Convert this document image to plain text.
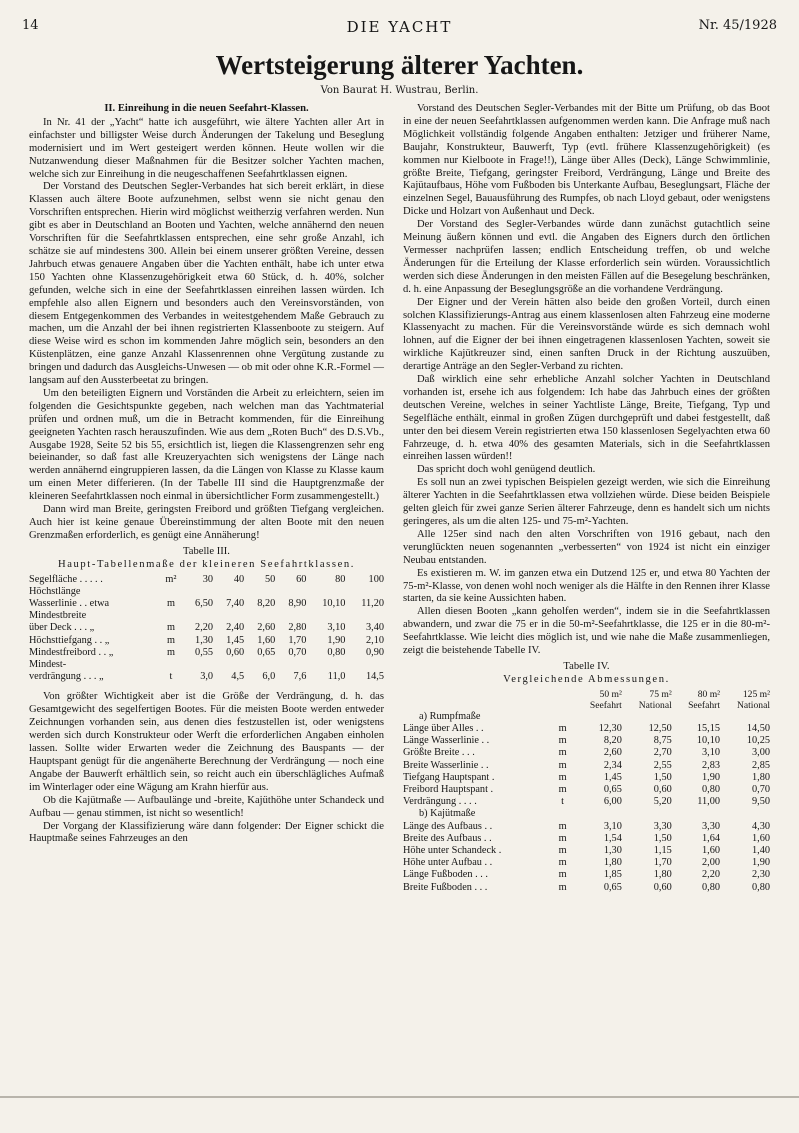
14	DIE YACHT	Nr. 45/1928
Wertsteigerung älterer Yachten.
Von Baurat H. Wustrau, Berlin.
II. Einreihung in die neuen Seefahrt-Klassen.

In Nr. 41 der „Yacht“ hatte ich ausgeführt, wie ältere Yachten aller Art in einfachster und billigster Weise durch Änderungen der Takelung und Beseglung modernisiert und im Wert gesteigert werden können. Heute wollen wir die Nutzanwendung dieser Maßnahmen für die Besitzer solcher Yachten machen, welche sich zur Einreihung in die neugeschaffenen Seefahrtklassen eignen.

Der Vorstand des Deutschen Segler-Verbandes hat sich bereit erklärt, in diese Klassen auch ältere Boote aufzunehmen, selbst wenn sie nicht genau den Vorschriften entsprechen. Hierin wird möglichst weitherzig verfahren werden. Nun gibt es aber in Deutschland an Booten und Yachten, welche annähernd den neuen Vorschriften für die Seefahrtklassen entsprechen, eine sehr große Anzahl, ich schätze sie auf mindestens 300. Allein bei einem unserer größten Vereine, dessen Jahrbuch etwas genauere Angaben über die Yachten enthält, habe ich unter etwa 150 Yachten ohne Klassenzugehörigkeit etwa 60 Stück, d. h. 40%, solcher gefunden, welche sich in eine der Seefahrtklassen einreihen lassen würden. Ich empfehle also allen Eignern und besonders auch den Vereinsvorständen, von diesem Entgegenkommen des Verbandes in weitestgehendem Maße Gebrauch zu machen, um die Anzahl der bei ihnen registrierten Klassenboote zu steigern. Auf diese Weise wird es schon im kommenden Jahre möglich sein, besonders an den Küstenplätzen, eine ganze Anzahl Klassenrennen ohne Vergütung zustande zu bringen und dadurch das Ausgleichs-Unwesen — ob mit oder ohne K.R.-Formel — langsam auf den Aussterbeetat zu bringen.

Um den beteiligten Eignern und Vorständen die Arbeit zu erleichtern, seien im folgenden die Gesichtspunkte gegeben, nach welchen man das Yachtmaterial prüfen und ordnen muß, um die in Betracht kommenden, für die Einreihung geeigneten Yachten rasch herauszufinden. Wie aus dem „Roten Buch“ des D.S.Vb., Ausgabe 1928, Seite 52 bis 55, ersichtlich ist, liegen die Klassengrenzen sehr eng beieinander, so daß fast alle Kreuzeryachten sich wenigstens der Länge nach werden annähernd eingruppieren lassen, da die Längen von Klasse zu Klasse kaum um einen Meter differieren. (In der Tabelle III sind die Hauptgrenzmaße der kleineren Seefahrtklassen noch einmal in übersichtlicher Form zusammengestellt.)

Dann wird man Breite, geringsten Freibord und größten Tiefgang vergleichen. Auch hier ist keine genaue Übereinstimmung der alten Boote mit den neuen Grenzmaßen erforderlich, es genügt eine Annäherung!

Tabelle III.
Haupt-Tabellenmaße der kleineren Seefahrtklassen.
Segelfläche . . . . .	m²	30	40	50	60	80	100
Höchstlänge							
Wasserlinie . . etwa	m	6,50	7,40	8,20	8,90	10,10	11,20
Mindestbreite							
über Deck . . . „	m	2,20	2,40	2,60	2,80	3,10	3,40
Höchsttiefgang . . „	m	1,30	1,45	1,60	1,70	1,90	2,10
Mindestfreibord . . „	m	0,55	0,60	0,65	0,70	0,80	0,90
Mindest-							
verdrängung . . . „	t	3,0	4,5	6,0	7,6	11,0	14,5

Von größter Wichtigkeit aber ist die Größe der Verdrängung, d. h. das Gesamtgewicht des segelfertigen Bootes. Für die meisten Boote werden entweder Zeichnungen vorhanden sein, aus denen dies festzustellen ist, oder wenigstens werden sich durch Konstrukteur oder Werft die erforderlichen Angaben einholen lassen. Sollte wider Erwarten weder die Zeichnung des Bauspants — der Hauptspant genügt für die angenäherte Berechnung der Verdrängung — noch eine Angabe der Bauwerft erhältlich sein, so reicht auch ein überschlägliches Aufmaß im Winterlager oder eine Wägung am Krahn hierfür aus.

Ob die Kajütmaße — Aufbaulänge und -breite, Kajüthöhe unter Schandeck und Aufbau — genau stimmen, ist nicht so wesentlich!

Der Vorgang der Klassifizierung wäre dann folgender: Der Eigner schickt die Hauptmaße seines Fahrzeuges an den

Vorstand des Deutschen Segler-Verbandes mit der Bitte um Prüfung, ob das Boot in eine der neuen Seefahrtklassen aufgenommen werden kann. Die Anfrage muß nach Möglichkeit vollständig folgende Angaben enthalten: Jetziger und früherer Name, Baujahr, Konstrukteur, Bauwerft, Typ (evtl. frühere Klassenzugehörigkeit) (es kommen nur Kielboote in Frage!!), Länge über Alles (Deck), Länge Schwimmlinie, größte Breite, Tiefgang, geringster Freibord, Verdrängung, Länge und Breite des Kajütaufbaus, Höhe vom Fußboden bis Unterkante Aufbau, Beseglungsart, Fläche der einzelnen Segel, Bauausführung des Rumpfes, ob nach Lloyd gebaut, oder wenigstens Dicke und Holzart von Außenhaut und Deck.

Der Vorstand des Segler-Verbandes würde dann zunächst gutachtlich seine Meinung äußern können und evtl. die Angaben des Eigners durch den örtlichen Vermesser nachprüfen lassen; endlich Entscheidung treffen, ob und welche Änderungen für die Erteilung der Klasse erforderlich sein würden. Voraussichtlich werden sich diese Änderungen in den meisten Fällen auf die Besegelung beschränken, d. h. eine Anpassung der Beseglungsgröße an die vorhandene Verdrängung.

Der Eigner und der Verein hätten also beide den großen Vorteil, durch einen solchen Klassifizierungs-Antrag aus einem klassenlosen alten Fahrzeug eine moderne Klassenyacht zu machen. Für die Vereinsvorstände würde es sich demnach wohl lohnen, auf die Eigner der bei ihnen eingetragenen klassenlosen Yachten, soweit sie wirkliche Kajütkreuzer sind, einen sanften Druck in der Richtung auszuüben, derartige Anträge an den Segler-Verband zu richten.

Daß wirklich eine sehr erhebliche Anzahl solcher Yachten in Deutschland vorhanden ist, ersehe ich aus folgendem: Ich habe das Jahrbuch eines der größten deutschen Vereine, welches in seiner Yachtliste Länge, Breite, Tiefgang, Typ und Segelfläche enthält, einmal in großen Zügen durchgeprüft und dabei festgestellt, daß unter den bei diesem Verein registrierten etwa 150 klassenlosen Segelyachten etwa 60 Fahrzeuge, d. h. etwa 40% des gesamten Materials, sich in die Seefahrtklassen einreihen lassen würden!!

Das spricht doch wohl genügend deutlich.

Es soll nun an zwei typischen Beispielen gezeigt werden, wie sich die Einreihung älterer Yachten in die Seefahrtklassen etwa vollziehen würde. Diese beiden Beispiele gelten gleich für zwei ganze Serien älterer Fahrzeuge, denn es handelt sich um nichts geringeres, als um die alten 125- und 75-m²-Yachten.

Alle 125er sind nach den alten Vorschriften von 1916 gebaut, nach den verunglückten neuen sogenannten „verbesserten“ von 1924 ist nicht ein einziger Neubau entstanden.

Es existieren m. W. im ganzen etwa ein Dutzend 125 er, und etwa 80 Yachten der 75-m²-Klasse, von denen wohl noch weniger als die Hälfte in den Rennen ihrer Klasse starten, da sie keine Aussichten haben.

Allen diesen Booten „kann geholfen werden“, indem sie in die Seefahrtklassen abwandern, und zwar die 75 er in die 50-m²-Seefahrtklasse, die 125 er in die 80-m²-Seefahrtklasse. Wie leicht dies möglich ist, und wie nahe die Maße zusammenliegen, zeigt die beistehende Tabelle IV.

Tabelle IV.
Vergleichende Abmessungen.
		50 m²	75 m²	80 m²	125 m²
		Seefahrt	National	Seefahrt	National
a) Rumpfmaße					
Länge über Alles . .	m	12,30	12,50	15,15	14,50
Länge Wasserlinie . .	m	8,20	8,75	10,10	10,25
Größte Breite . . .	m	2,60	2,70	3,10	3,00
Breite Wasserlinie . .	m	2,34	2,55	2,83	2,85
Tiefgang Hauptspant .	m	1,45	1,50	1,90	1,80
Freibord Hauptspant .	m	0,65	0,60	0,80	0,70
Verdrängung . . . .	t	6,00	5,20	11,00	9,50
b) Kajütmaße					
Länge des Aufbaus . .	m	3,10	3,30	3,30	4,30
Breite des Aufbaus . .	m	1,54	1,50	1,64	1,60
Höhe unter Schandeck .	m	1,30	1,15	1,60	1,40
Höhe unter Aufbau . .	m	1,80	1,70	2,00	1,90
Länge Fußboden . . .	m	1,85	1,80	2,20	2,30
Breite Fußboden . . .	m	0,65	0,60	0,80	0,80
